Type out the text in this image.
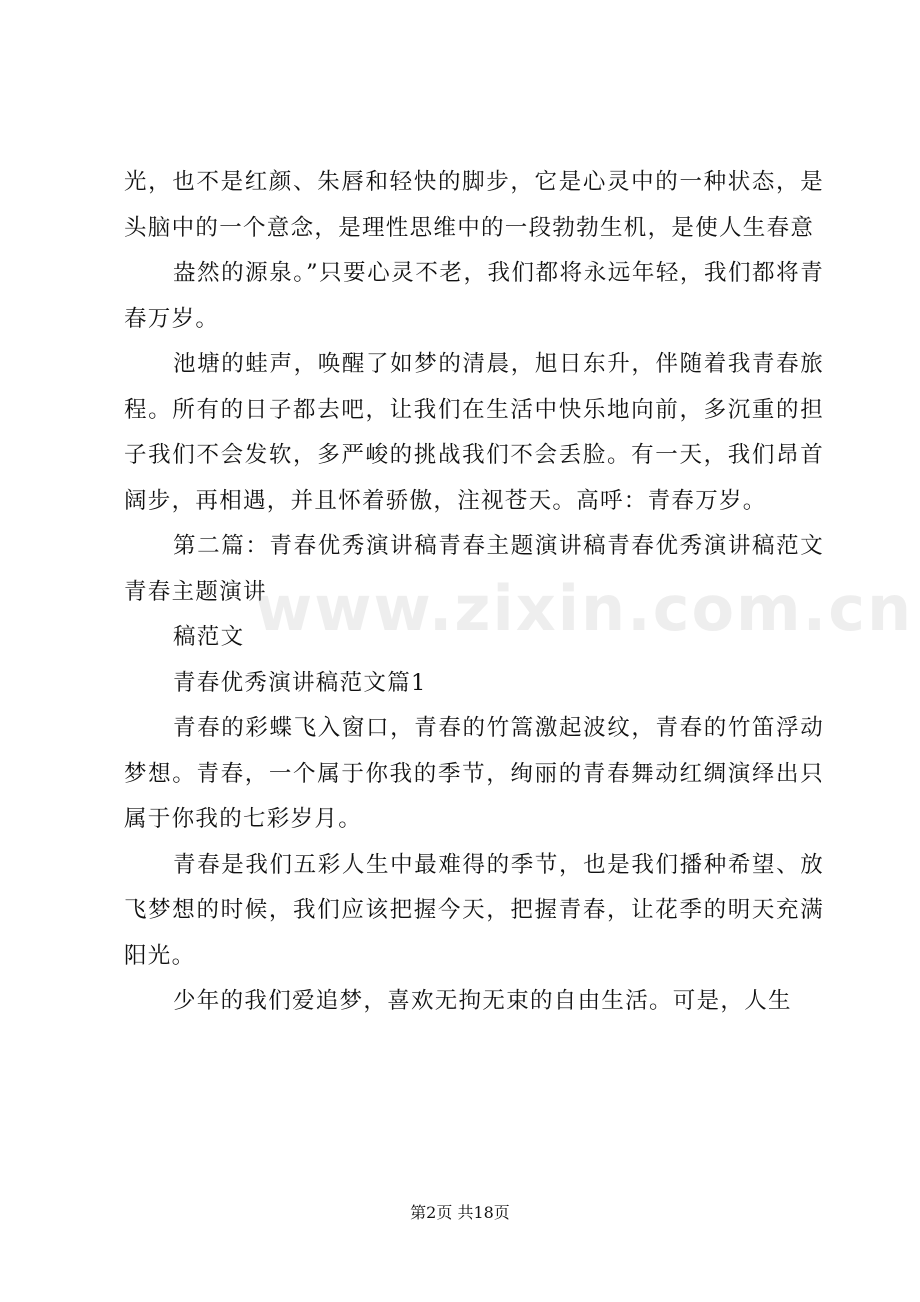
光，也不是红颜、朱唇和轻快的脚步，它是心灵中的一种状态，是头脑中的一个意念，是理性思维中的一段勃勃生机，是使人生春意

盎然的源泉。”只要心灵不老，我们都将永远年轻，我们都将青春万岁。

池塘的蛙声，唤醒了如梦的清晨，旭日东升，伴随着我青春旅程。所有的日子都去吧，让我们在生活中快乐地向前，多沉重的担子我们不会发软，多严峻的挑战我们不会丢脸。有一天，我们昂首阔步，再相遇，并且怀着骄傲，注视苍天。高呼：青春万岁。

第二篇：青春优秀演讲稿青春主题演讲稿青春优秀演讲稿范文青春主题演讲

稿范文

青春优秀演讲稿范文篇1

青春的彩蝶飞入窗口，青春的竹篙激起波纹，青春的竹笛浮动梦想。青春，一个属于你我的季节，绚丽的青春舞动红绸演绎出只属于你我的七彩岁月。

青春是我们五彩人生中最难得的季节，也是我们播种希望、放飞梦想的时候，我们应该把握今天，把握青春，让花季的明天充满阳光。

少年的我们爱追梦，喜欢无拘无束的自由生活。可是，人生

www.zixin.com.cn
第2页 共18页
